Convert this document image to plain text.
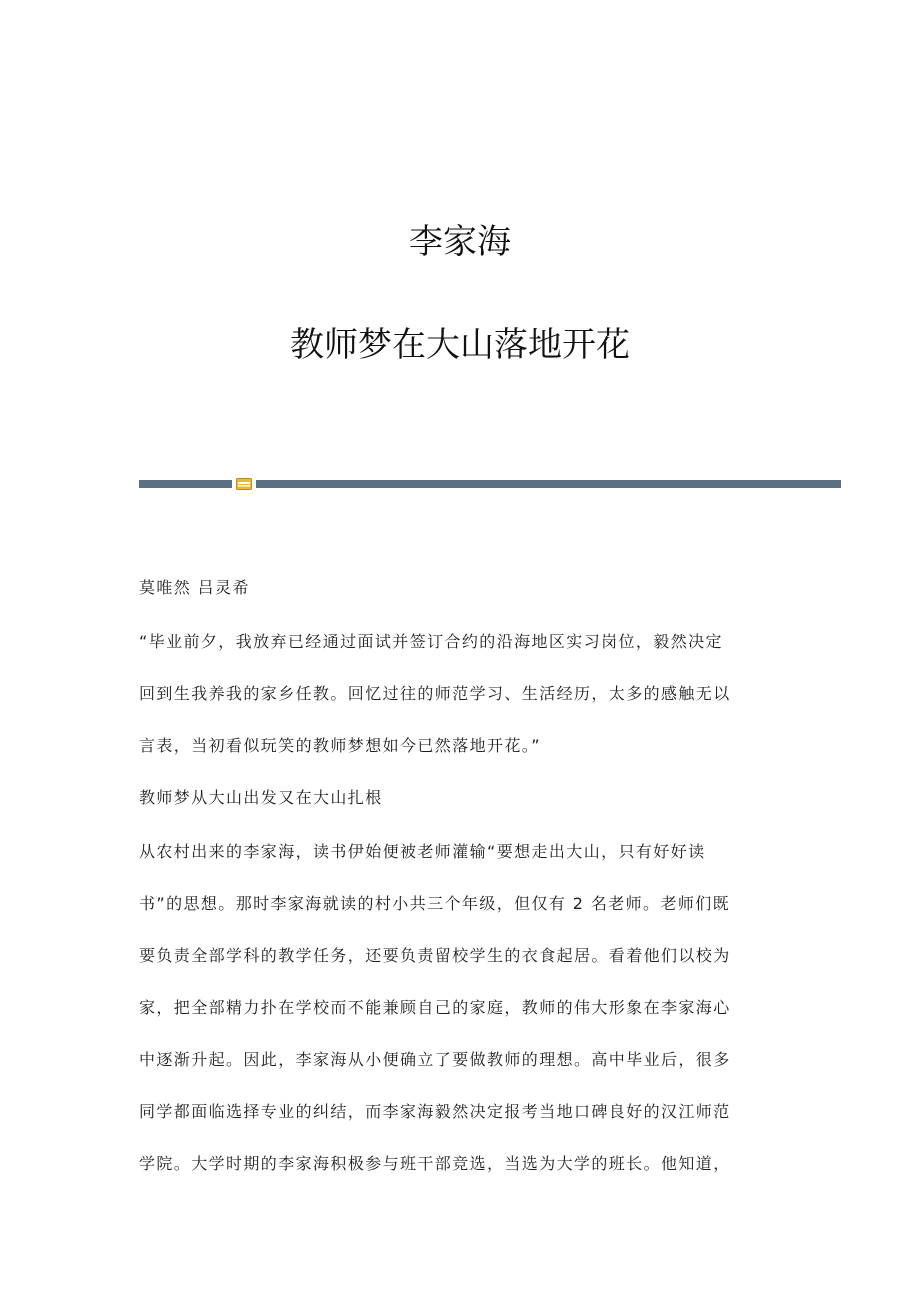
李家海
教师梦在大山落地开花

莫唯然 吕灵希

“毕业前夕，我放弃已经通过面试并签订合约的沿海地区实习岗位，毅然决定
回到生我养我的家乡任教。回忆过往的师范学习、生活经历，太多的感触无以
言表，当初看似玩笑的教师梦想如今已然落地开花。”

教师梦从大山出发又在大山扎根

从农村出来的李家海，读书伊始便被老师灌输“要想走出大山，只有好好读
书”的思想。那时李家海就读的村小共三个年级，但仅有 2 名老师。老师们既
要负责全部学科的教学任务，还要负责留校学生的衣食起居。看着他们以校为
家，把全部精力扑在学校而不能兼顾自己的家庭，教师的伟大形象在李家海心
中逐渐升起。因此，李家海从小便确立了要做教师的理想。高中毕业后，很多
同学都面临选择专业的纠结，而李家海毅然决定报考当地口碑良好的汉江师范
学院。大学时期的李家海积极参与班干部竞选，当选为大学的班长。他知道，
